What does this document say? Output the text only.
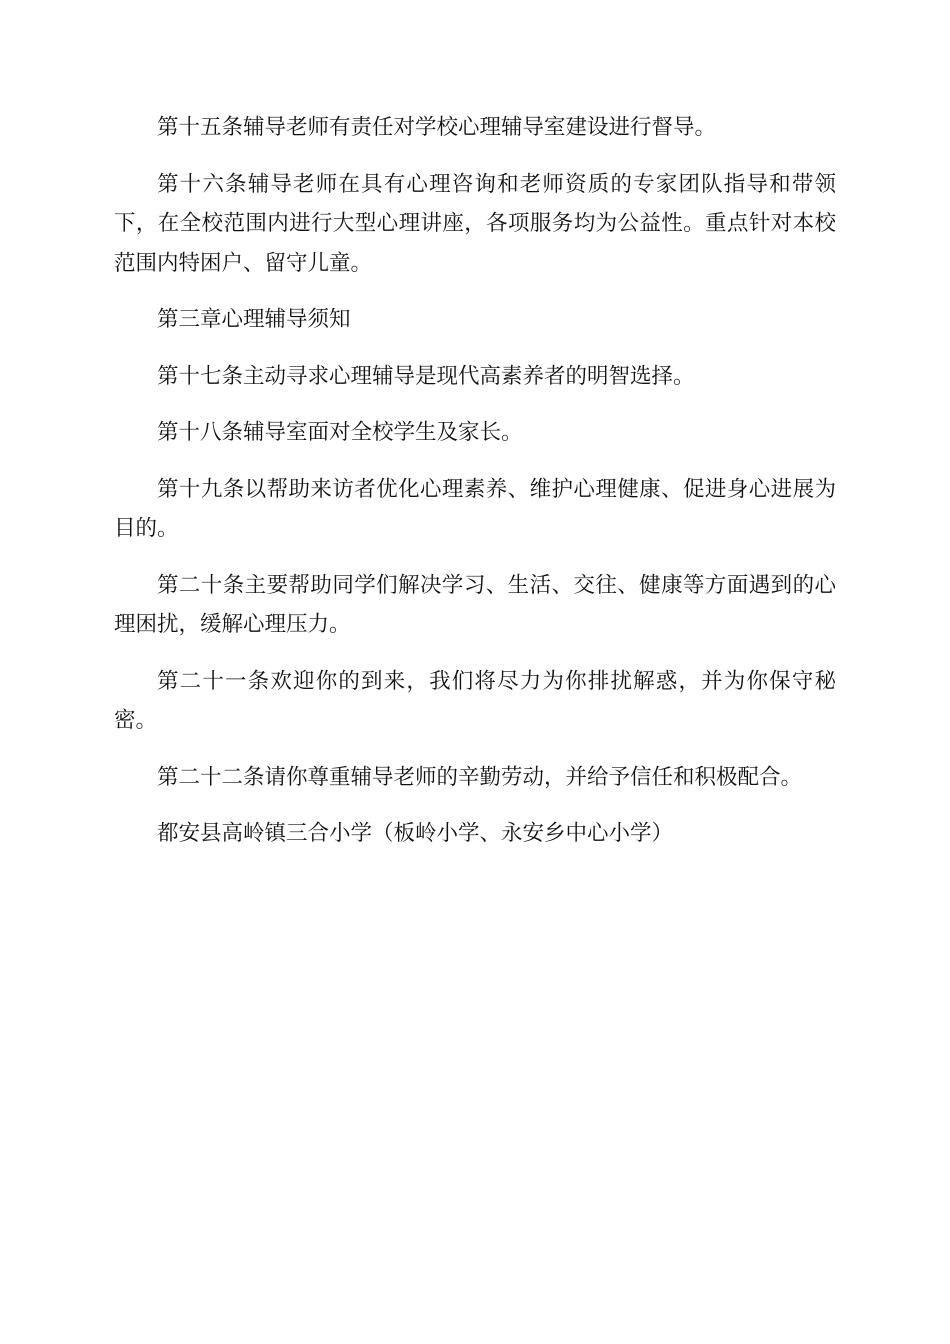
第十五条辅导老师有责任对学校心理辅导室建设进行督导。

第十六条辅导老师在具有心理咨询和老师资质的专家团队指导和带领下，在全校范围内进行大型心理讲座，各项服务均为公益性。重点针对本校范围内特困户、留守儿童。

第三章心理辅导须知

第十七条主动寻求心理辅导是现代高素养者的明智选择。

第十八条辅导室面对全校学生及家长。

第十九条以帮助来访者优化心理素养、维护心理健康、促进身心进展为目的。

第二十条主要帮助同学们解决学习、生活、交往、健康等方面遇到的心理困扰，缓解心理压力。

第二十一条欢迎你的到来，我们将尽力为你排扰解惑，并为你保守秘密。

第二十二条请你尊重辅导老师的辛勤劳动，并给予信任和积极配合。

都安县高岭镇三合小学（板岭小学、永安乡中心小学）
